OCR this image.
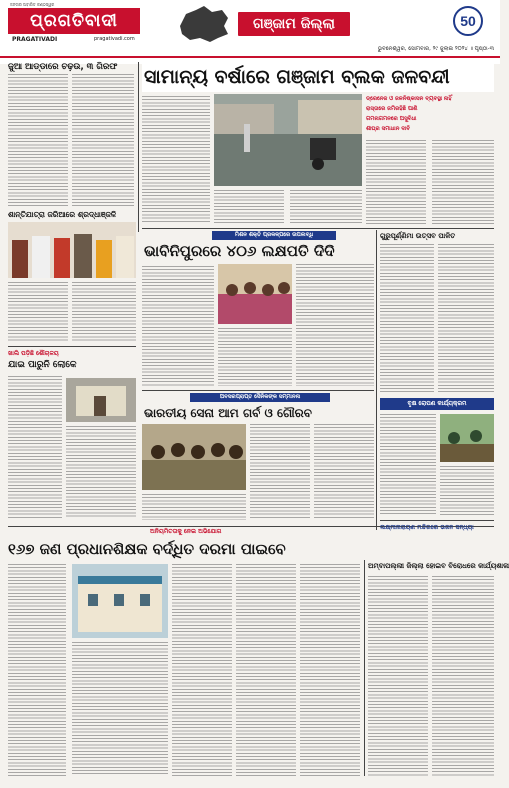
ଜନତାର ଅବାରିତ କଣ୍ଠସ୍ୱର
ପ୍ରଗତିବାଦୀ
PRAGATIVADI	pragativadi.com
ଗଞ୍ଜାମ ଜିଲ୍ଲା	50
ଭୁବନେଶ୍ୱର, ସୋମବାର, ୨୯ ଜୁଲାଇ ୨୦୨୪ ॥ ପୃଷ୍ଠା-୩
ଜୁଆ ଆଡ୍ଡାରେ ଚଢ଼ଉ, ୩ ଗିରଫ	ସାମାନ୍ୟ ବର୍ଷାରେ ଗଞ୍ଜାମ ବ୍ଲକ ଜଳବନ୍ଦୀ
ଡ୍ରେନେଜ ଓ ଜଳନିଷ୍କାସନ ବ୍ୟବସ୍ଥା ନାହିଁ
ରାସ୍ତାରେ ଜମିରହିଛି ପାଣି
ଗମନାଗମନରେ ଅସୁବିଧା
ଶୀଘ୍ର ସମାଧାନ ଦାବି
ଶାନ୍ତିଯାତ୍ରା ଜରିଆରେ ଶ୍ରଦ୍ଧାଞ୍ଜଳି
ମିଶନ ଶକ୍ତି ପ୍ରକଳ୍ପରେ ଉପଲବ୍ଧି
ଭାବିନିପୁରରେ ୪୦୬ ଲକ୍ଷପତି ଦିଦି
ଗୁରୁପୂର୍ଣ୍ଣିମା ଉତ୍ସବ ପାଳିତ
ଖାଲି ପଡ଼ିଛି ଶୌଚାଳୟ
ଯାଇ ପାରୁନି ଲୋକେ
ଅବସରପ୍ରାପ୍ତ ସୈନିକଙ୍କ ସମ୍ମାନନା
ଭାରତୀୟ ସେନା ଆମ ଗର୍ବ ଓ ଗୌରବ
ବୃକ୍ଷ ରୋପଣ କାର୍ଯ୍ୟକ୍ରମ
ଅନିୟମିତତାକୁ ନେଇ ଅଭିଯୋଗ
୧୬୭ ଜଣ ପ୍ରଧାନଶିକ୍ଷକ ବର୍ଦ୍ଧିତ ଦରମା ପାଇବେ
ଅମ୍ବାପଲ୍ଲୀ ଜିଲ୍ଲା ହୋଇବ ବିରୋଧରେ କାର୍ଯ୍ୟଶାଳା
ଲକ୍ଷ୍ମୀନାରାୟଣ ମନ୍ଦିରରେ ଭଜନ ସନ୍ଧ୍ୟା
